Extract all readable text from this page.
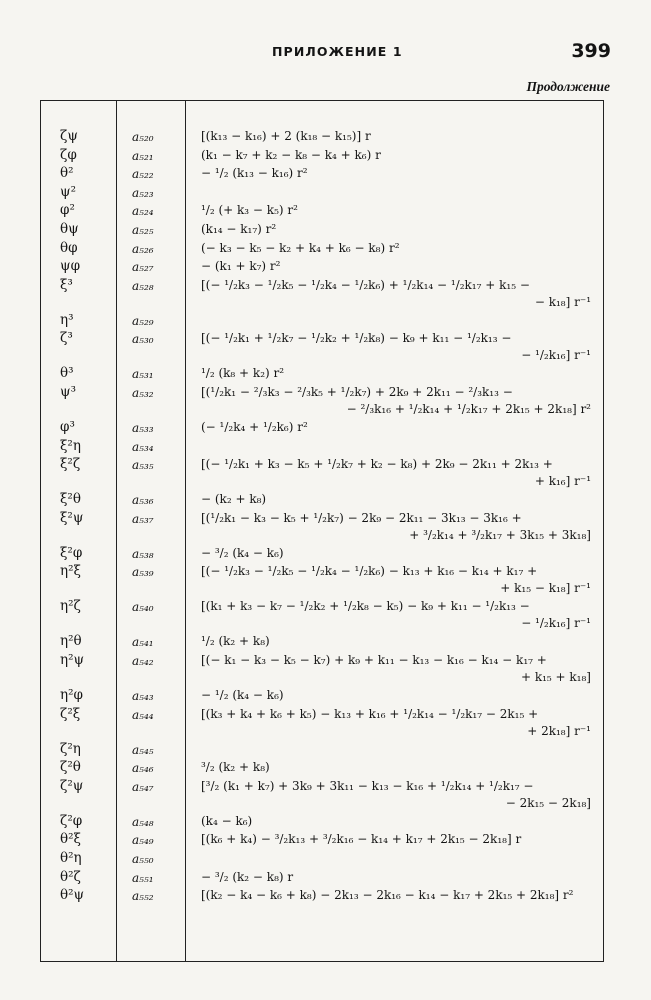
ПРИЛОЖЕНИЕ 1	399
Продолжение
ζψ	a₅₂₀	[(k₁₃ − k₁₆) + 2 (k₁₈ − k₁₅)] r
ζφ	a₅₂₁	(k₁ − k₇ + k₂ − k₈ − k₄ + k₆) r
θ²	a₅₂₂	− ¹/₂ (k₁₃ − k₁₆) r²
ψ²	a₅₂₃
φ²	a₅₂₄	¹/₂ (+ k₃ − k₅) r²
θψ	a₅₂₅	(k₁₄ − k₁₇) r²
θφ	a₅₂₆	(− k₃ − k₅ − k₂ + k₄ + k₆ − k₈) r²
ψφ	a₅₂₇	− (k₁ + k₇) r²
ξ³	a₅₂₈	[(− ¹/₂k₃ − ¹/₂k₅ − ¹/₂k₄ − ¹/₂k₆) + ¹/₂k₁₄ − ¹/₂k₁₇ + k₁₅ −
− k₁₈] r⁻¹
η³	a₅₂₉
ζ³	a₅₃₀	[(− ¹/₂k₁ + ¹/₂k₇ − ¹/₂k₂ + ¹/₂k₈) − k₉ + k₁₁ − ¹/₂k₁₃ −
− ¹/₂k₁₆] r⁻¹
θ³	a₅₃₁	¹/₂ (k₈ + k₂) r²
ψ³	a₅₃₂	[(¹/₂k₁ − ²/₃k₃ − ²/₃k₅ + ¹/₂k₇) + 2k₉ + 2k₁₁ − ²/₃k₁₃ −
− ²/₃k₁₆ + ¹/₂k₁₄ + ¹/₂k₁₇ + 2k₁₅ + 2k₁₈] r²
φ³	a₅₃₃	(− ¹/₂k₄ + ¹/₂k₆) r²
ξ²η	a₅₃₄
ξ²ζ	a₅₃₅	[(− ¹/₂k₁ + k₃ − k₅ + ¹/₂k₇ + k₂ − k₈) + 2k₉ − 2k₁₁ + 2k₁₃ +
+ k₁₆] r⁻¹
ξ²θ	a₅₃₆	− (k₂ + k₈)
ξ²ψ	a₅₃₇	[(¹/₂k₁ − k₃ − k₅ + ¹/₂k₇) − 2k₉ − 2k₁₁ − 3k₁₃ − 3k₁₆ +
+ ³/₂k₁₄ + ³/₂k₁₇ + 3k₁₅ + 3k₁₈]
ξ²φ	a₅₃₈	− ³/₂ (k₄ − k₆)
η²ξ	a₅₃₉	[(− ¹/₂k₃ − ¹/₂k₅ − ¹/₂k₄ − ¹/₂k₆) − k₁₃ + k₁₆ − k₁₄ + k₁₇ +
+ k₁₅ − k₁₈] r⁻¹
η²ζ	a₅₄₀	[(k₁ + k₃ − k₇ − ¹/₂k₂ + ¹/₂k₈ − k₅) − k₉ + k₁₁ − ¹/₂k₁₃ −
− ¹/₂k₁₆] r⁻¹
η²θ	a₅₄₁	¹/₂ (k₂ + k₈)
η²ψ	a₅₄₂	[(− k₁ − k₃ − k₅ − k₇) + k₉ + k₁₁ − k₁₃ − k₁₆ − k₁₄ − k₁₇ +
+ k₁₅ + k₁₈]
η²φ	a₅₄₃	− ¹/₂ (k₄ − k₆)
ζ²ξ	a₅₄₄	[(k₃ + k₄ + k₆ + k₅) − k₁₃ + k₁₆ + ¹/₂k₁₄ − ¹/₂k₁₇ − 2k₁₅ +
+ 2k₁₈] r⁻¹
ζ²η	a₅₄₅
ζ²θ	a₅₄₆	³/₂ (k₂ + k₈)
ζ²ψ	a₅₄₇	[³/₂ (k₁ + k₇) + 3k₉ + 3k₁₁ − k₁₃ − k₁₆ + ¹/₂k₁₄ + ¹/₂k₁₇ −
− 2k₁₅ − 2k₁₈]
ζ²φ	a₅₄₈	(k₄ − k₆)
θ²ξ	a₅₄₉	[(k₆ + k₄) − ³/₂k₁₃ + ³/₂k₁₆ − k₁₄ + k₁₇ + 2k₁₅ − 2k₁₈] r
θ²η	a₅₅₀
θ²ζ	a₅₅₁	− ³/₂ (k₂ − k₈) r
θ²ψ	a₅₅₂	[(k₂ − k₄ − k₆ + k₈) − 2k₁₃ − 2k₁₆ − k₁₄ − k₁₇ + 2k₁₅ + 2k₁₈] r²
